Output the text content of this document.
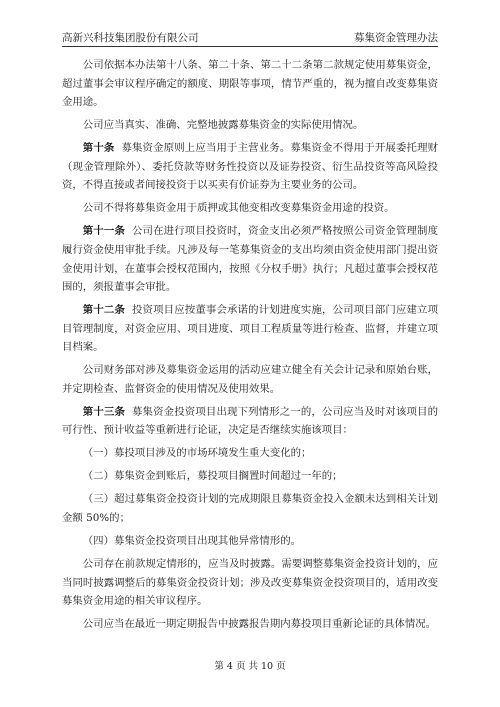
高新兴科技集团股份有限公司	募集资金管理办法

公司依据本办法第十八条、第二十条、第二十二条第二款规定使用募集资金，超过董事会审议程序确定的额度、期限等事项，情节严重的，视为擅自改变募集资金用途。

公司应当真实、准确、完整地披露募集资金的实际使用情况。

第十条 募集资金原则上应当用于主营业务。募集资金不得用于开展委托理财（现金管理除外）、委托贷款等财务性投资以及证券投资、衍生品投资等高风险投资，不得直接或者间接投资于以买卖有价证券为主要业务的公司。

公司不得将募集资金用于质押或其他变相改变募集资金用途的投资。

第十一条 公司在进行项目投资时，资金支出必须严格按照公司资金管理制度履行资金使用审批手续。凡涉及每一笔募集资金的支出均须由资金使用部门提出资金使用计划，在董事会授权范围内，按照《分权手册》执行；凡超过董事会授权范围的，须报董事会审批。

第十二条 投资项目应按董事会承诺的计划进度实施，公司项目部门应建立项目管理制度，对资金应用、项目进度、项目工程质量等进行检查、监督，并建立项目档案。

公司财务部对涉及募集资金运用的活动应建立健全有关会计记录和原始台账，并定期检查、监督资金的使用情况及使用效果。

第十三条 募集资金投资项目出现下列情形之一的，公司应当及时对该项目的可行性、预计收益等重新进行论证，决定是否继续实施该项目：

（一）募投项目涉及的市场环境发生重大变化的；

（二）募集资金到账后，募投项目搁置时间超过一年的；

（三）超过募集资金投资计划的完成期限且募集资金投入金额未达到相关计划金额 50%的；

（四）募集资金投资项目出现其他异常情形的。

公司存在前款规定情形的，应当及时披露。需要调整募集资金投资计划的，应当同时披露调整后的募集资金投资计划；涉及改变募集资金投资项目的，适用改变募集资金用途的相关审议程序。

公司应当在最近一期定期报告中披露报告期内募投项目重新论证的具体情况。

第 4 页 共 10 页
